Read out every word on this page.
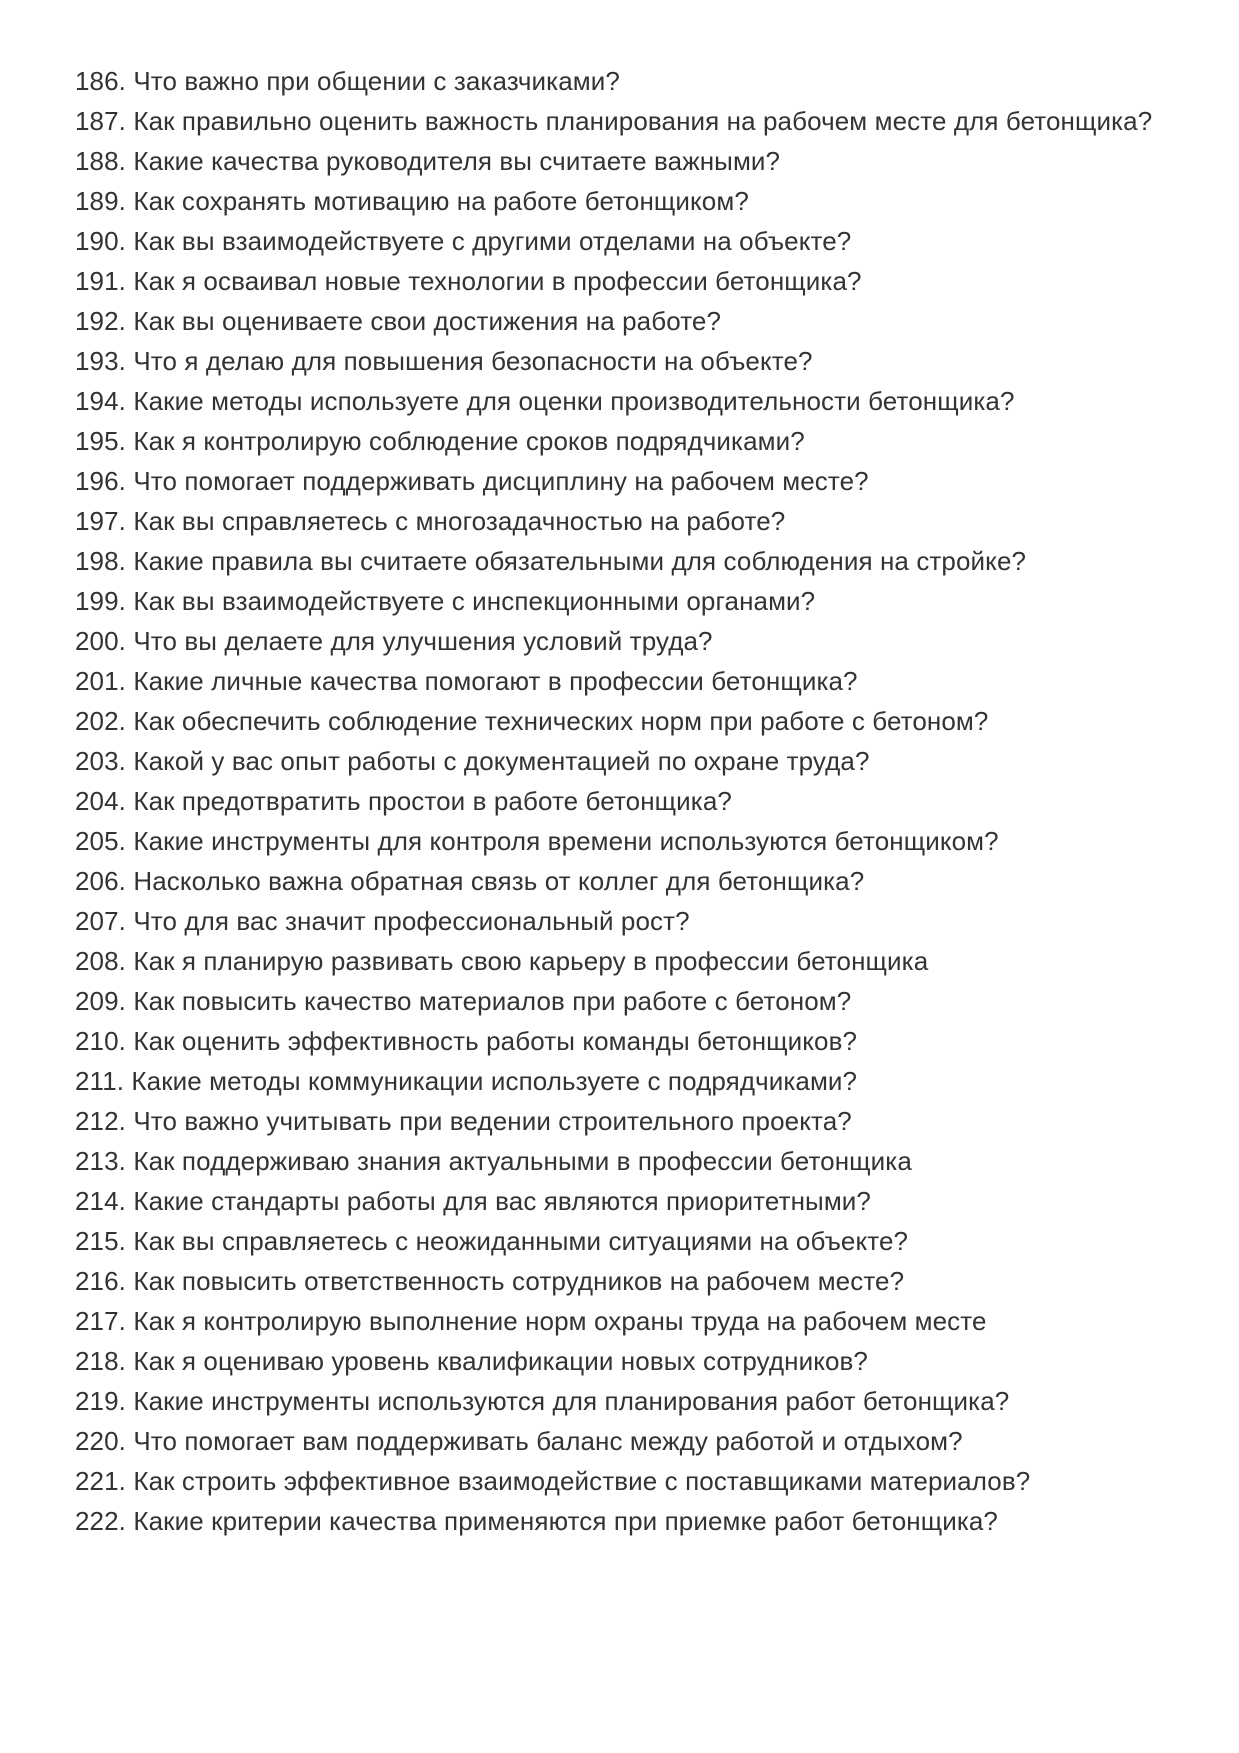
186. Что важно при общении с заказчиками?

187. Как правильно оценить важность планирования на рабочем месте для бетонщика?

188. Какие качества руководителя вы считаете важными?

189. Как сохранять мотивацию на работе бетонщиком?

190. Как вы взаимодействуете с другими отделами на объекте?

191. Как я осваивал новые технологии в профессии бетонщика?

192. Как вы оцениваете свои достижения на работе?

193. Что я делаю для повышения безопасности на объекте?

194. Какие методы используете для оценки производительности бетонщика?

195. Как я контролирую соблюдение сроков подрядчиками?

196. Что помогает поддерживать дисциплину на рабочем месте?

197. Как вы справляетесь с многозадачностью на работе?

198. Какие правила вы считаете обязательными для соблюдения на стройке?

199. Как вы взаимодействуете с инспекционными органами?

200. Что вы делаете для улучшения условий труда?

201. Какие личные качества помогают в профессии бетонщика?

202. Как обеспечить соблюдение технических норм при работе с бетоном?

203. Какой у вас опыт работы с документацией по охране труда?

204. Как предотвратить простои в работе бетонщика?

205. Какие инструменты для контроля времени используются бетонщиком?

206. Насколько важна обратная связь от коллег для бетонщика?

207. Что для вас значит профессиональный рост?

208. Как я планирую развивать свою карьеру в профессии бетонщика

209. Как повысить качество материалов при работе с бетоном?

210. Как оценить эффективность работы команды бетонщиков?

211. Какие методы коммуникации используете с подрядчиками?

212. Что важно учитывать при ведении строительного проекта?

213. Как поддерживаю знания актуальными в профессии бетонщика

214. Какие стандарты работы для вас являются приоритетными?

215. Как вы справляетесь с неожиданными ситуациями на объекте?

216. Как повысить ответственность сотрудников на рабочем месте?

217. Как я контролирую выполнение норм охраны труда на рабочем месте

218. Как я оцениваю уровень квалификации новых сотрудников?

219. Какие инструменты используются для планирования работ бетонщика?

220. Что помогает вам поддерживать баланс между работой и отдыхом?

221. Как строить эффективное взаимодействие с поставщиками материалов?

222. Какие критерии качества применяются при приемке работ бетонщика?
